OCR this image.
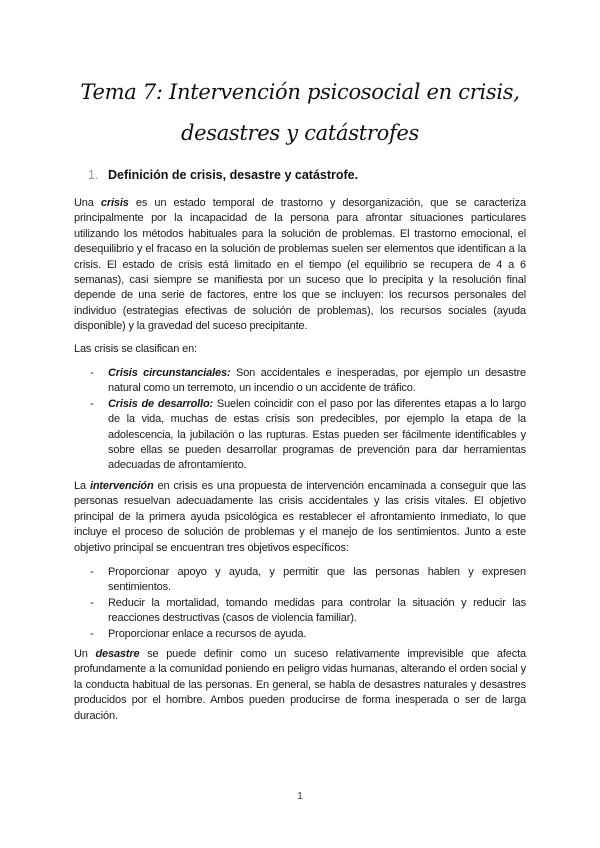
Tema 7: Intervención psicosocial en crisis, desastres y catástrofes
1. Definición de crisis, desastre y catástrofe.

Una crisis es un estado temporal de trastorno y desorganización, que se caracteriza principalmente por la incapacidad de la persona para afrontar situaciones particulares utilizando los métodos habituales para la solución de problemas. El trastorno emocional, el desequilibrio y el fracaso en la solución de problemas suelen ser elementos que identifican a la crisis. El estado de crisis está limitado en el tiempo (el equilibrio se recupera de 4 a 6 semanas), casi siempre se manifiesta por un suceso que lo precipita y la resolución final depende de una serie de factores, entre los que se incluyen: los recursos personales del individuo (estrategias efectivas de solución de problemas), los recursos sociales (ayuda disponible) y la gravedad del suceso precipitante.

Las crisis se clasifican en:

- Crisis circunstanciales: Son accidentales e inesperadas, por ejemplo un desastre natural como un terremoto, un incendio o un accidente de tráfico.
- Crisis de desarrollo: Suelen coincidir con el paso por las diferentes etapas a lo largo de la vida, muchas de estas crisis son predecibles, por ejemplo la etapa de la adolescencia, la jubilación o las rupturas. Estas pueden ser fácilmente identificables y sobre ellas se pueden desarrollar programas de prevención para dar herramientas adecuadas de afrontamiento.

La intervención en crisis es una propuesta de intervención encaminada a conseguir que las personas resuelvan adecuadamente las crisis accidentales y las crisis vitales. El objetivo principal de la primera ayuda psicológica es restablecer el afrontamiento inmediato, lo que incluye el proceso de solución de problemas y el manejo de los sentimientos. Junto a este objetivo principal se encuentran tres objetivos específicos:

- Proporcionar apoyo y ayuda, y permitir que las personas hablen y expresen sentimientos.
- Reducir la mortalidad, tomando medidas para controlar la situación y reducir las reacciones destructivas (casos de violencia familiar).
- Proporcionar enlace a recursos de ayuda.

Un desastre se puede definir como un suceso relativamente imprevisible que afecta profundamente a la comunidad poniendo en peligro vidas humanas, alterando el orden social y la conducta habitual de las personas. En general, se habla de desastres naturales y desastres producidos por el hombre. Ambos pueden producirse de forma inesperada o ser de larga duración.

1
